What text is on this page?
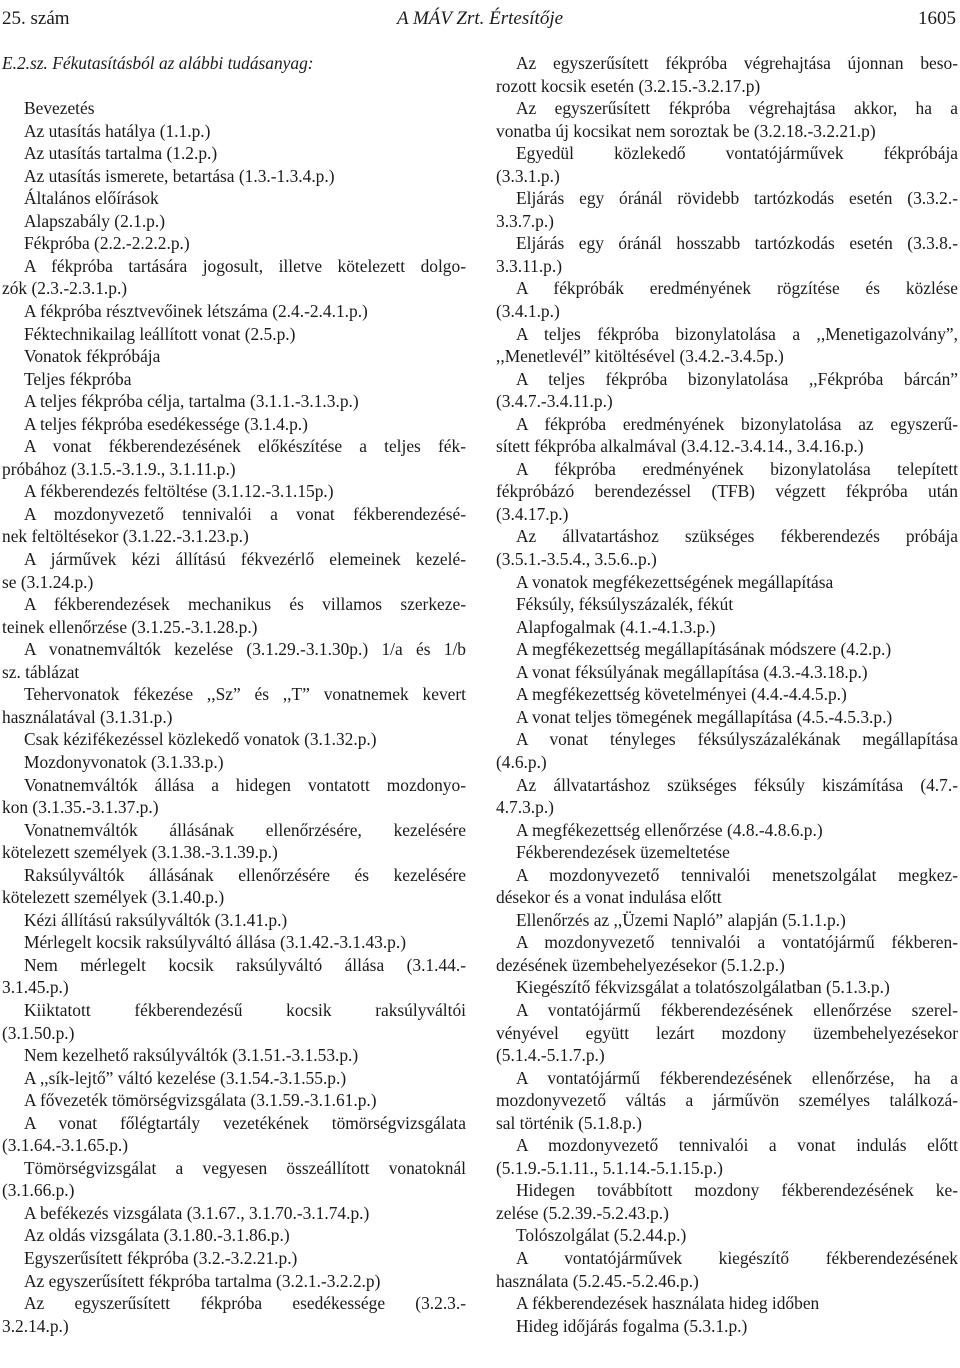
25. szám	A MÁV Zrt. Értesítője	1605
E.2.sz. Fékutasításból az alábbi tudásanyag:
Bevezetés
Az utasítás hatálya (1.1.p.)
Az utasítás tartalma (1.2.p.)
Az utasítás ismerete, betartása (1.3.-1.3.4.p.)
Általános előírások
Alapszabály (2.1.p.)
Fékpróba (2.2.-2.2.2.p.)
A fékpróba tartására jogosult, illetve kötelezett dolgo-
zók (2.3.-2.3.1.p.)
A fékpróba résztvevőinek létszáma (2.4.-2.4.1.p.)
Féktechnikailag leállított vonat (2.5.p.)
Vonatok fékpróbája
Teljes fékpróba
A teljes fékpróba célja, tartalma (3.1.1.-3.1.3.p.)
A teljes fékpróba esedékessége (3.1.4.p.)
A vonat fékberendezésének előkészítése a teljes fék-
próbához (3.1.5.-3.1.9., 3.1.11.p.)
A fékberendezés feltöltése (3.1.12.-3.1.15p.)
A mozdonyvezető tennivalói a vonat fékberendezésé-
nek feltöltésekor (3.1.22.-3.1.23.p.)
A járművek kézi állítású fékvezérlő elemeinek kezelé-
se (3.1.24.p.)
A fékberendezések mechanikus és villamos szerkeze-
teinek ellenőrzése (3.1.25.-3.1.28.p.)
A vonatnemváltók kezelése (3.1.29.-3.1.30p.) 1/a és 1/b
sz. táblázat
Tehervonatok fékezése ,,Sz” és ,,T” vonatnemek kevert
használatával (3.1.31.p.)
Csak kézifékezéssel közlekedő vonatok (3.1.32.p.)
Mozdonyvonatok (3.1.33.p.)
Vonatnemváltók állása a hidegen vontatott mozdonyo-
kon (3.1.35.-3.1.37.p.)
Vonatnemváltók állásának ellenőrzésére, kezelésére
kötelezett személyek (3.1.38.-3.1.39.p.)
Raksúlyváltók állásának ellenőrzésére és kezelésére
kötelezett személyek (3.1.40.p.)
Kézi állítású raksúlyváltók (3.1.41.p.)
Mérlegelt kocsik raksúlyváltó állása (3.1.42.-3.1.43.p.)
Nem mérlegelt kocsik raksúlyváltó állása (3.1.44.-
3.1.45.p.)
Kiiktatott fékberendezésű kocsik raksúlyváltói
(3.1.50.p.)
Nem kezelhető raksúlyváltók (3.1.51.-3.1.53.p.)
A ,,sík-lejtő” váltó kezelése (3.1.54.-3.1.55.p.)
A fővezeték tömörségvizsgálata (3.1.59.-3.1.61.p.)
A vonat főlégtartály vezetékének tömörségvizsgálata
(3.1.64.-3.1.65.p.)
Tömörségvizsgálat a vegyesen összeállított vonatoknál
(3.1.66.p.)
A befékezés vizsgálata (3.1.67., 3.1.70.-3.1.74.p.)
Az oldás vizsgálata (3.1.80.-3.1.86.p.)
Egyszerűsített fékpróba (3.2.-3.2.21.p.)
Az egyszerűsített fékpróba tartalma (3.2.1.-3.2.2.p)
Az egyszerűsített fékpróba esedékessége (3.2.3.-
3.2.14.p.)
Az egyszerűsített fékpróba végrehajtása újonnan beso-
rozott kocsik esetén (3.2.15.-3.2.17.p)
Az egyszerűsített fékpróba végrehajtása akkor, ha a
vonatba új kocsikat nem soroztak be (3.2.18.-3.2.21.p)
Egyedül közlekedő vontatójárművek fékpróbája
(3.3.1.p.)
Eljárás egy óránál rövidebb tartózkodás esetén (3.3.2.-
3.3.7.p.)
Eljárás egy óránál hosszabb tartózkodás esetén (3.3.8.-
3.3.11.p.)
A fékpróbák eredményének rögzítése és közlése
(3.4.1.p.)
A teljes fékpróba bizonylatolása a ,,Menetigazolvány”,
,,Menetlevél” kitöltésével (3.4.2.-3.4.5p.)
A teljes fékpróba bizonylatolása ,,Fékpróba bárcán”
(3.4.7.-3.4.11.p.)
A fékpróba eredményének bizonylatolása az egyszerű-
sített fékpróba alkalmával (3.4.12.-3.4.14., 3.4.16.p.)
A fékpróba eredményének bizonylatolása telepített
fékpróbázó berendezéssel (TFB) végzett fékpróba után
(3.4.17.p.)
Az állvatartáshoz szükséges fékberendezés próbája
(3.5.1.-3.5.4., 3.5.6..p.)
A vonatok megfékezettségének megállapítása
Féksúly, féksúlyszázalék, fékút
Alapfogalmak (4.1.-4.1.3.p.)
A megfékezettség megállapításának módszere (4.2.p.)
A vonat féksúlyának megállapítása (4.3.-4.3.18.p.)
A megfékezettség követelményei (4.4.-4.4.5.p.)
A vonat teljes tömegének megállapítása (4.5.-4.5.3.p.)
A vonat tényleges féksúlyszázalékának megállapítása
(4.6.p.)
Az állvatartáshoz szükséges féksúly kiszámítása (4.7.-
4.7.3.p.)
A megfékezettség ellenőrzése (4.8.-4.8.6.p.)
Fékberendezések üzemeltetése
A mozdonyvezető tennivalói menetszolgálat megkez-
désekor és a vonat indulása előtt
Ellenőrzés az ,,Üzemi Napló” alapján (5.1.1.p.)
A mozdonyvezető tennivalói a vontatójármű fékberen-
dezésének üzembehelyezésekor (5.1.2.p.)
Kiegészítő fékvizsgálat a tolatószolgálatban (5.1.3.p.)
A vontatójármű fékberendezésének ellenőrzése szerel-
vényével együtt lezárt mozdony üzembehelyezésekor
(5.1.4.-5.1.7.p.)
A vontatójármű fékberendezésének ellenőrzése, ha a
mozdonyvezető váltás a járművön személyes találkozá-
sal történik (5.1.8.p.)
A mozdonyvezető tennivalói a vonat indulás előtt
(5.1.9.-5.1.11., 5.1.14.-5.1.15.p.)
Hidegen továbbított mozdony fékberendezésének ke-
zelése (5.2.39.-5.2.43.p.)
Tolószolgálat (5.2.44.p.)
A vontatójárművek kiegészítő fékberendezésének
használata (5.2.45.-5.2.46.p.)
A fékberendezések használata hideg időben
Hideg időjárás fogalma (5.3.1.p.)
